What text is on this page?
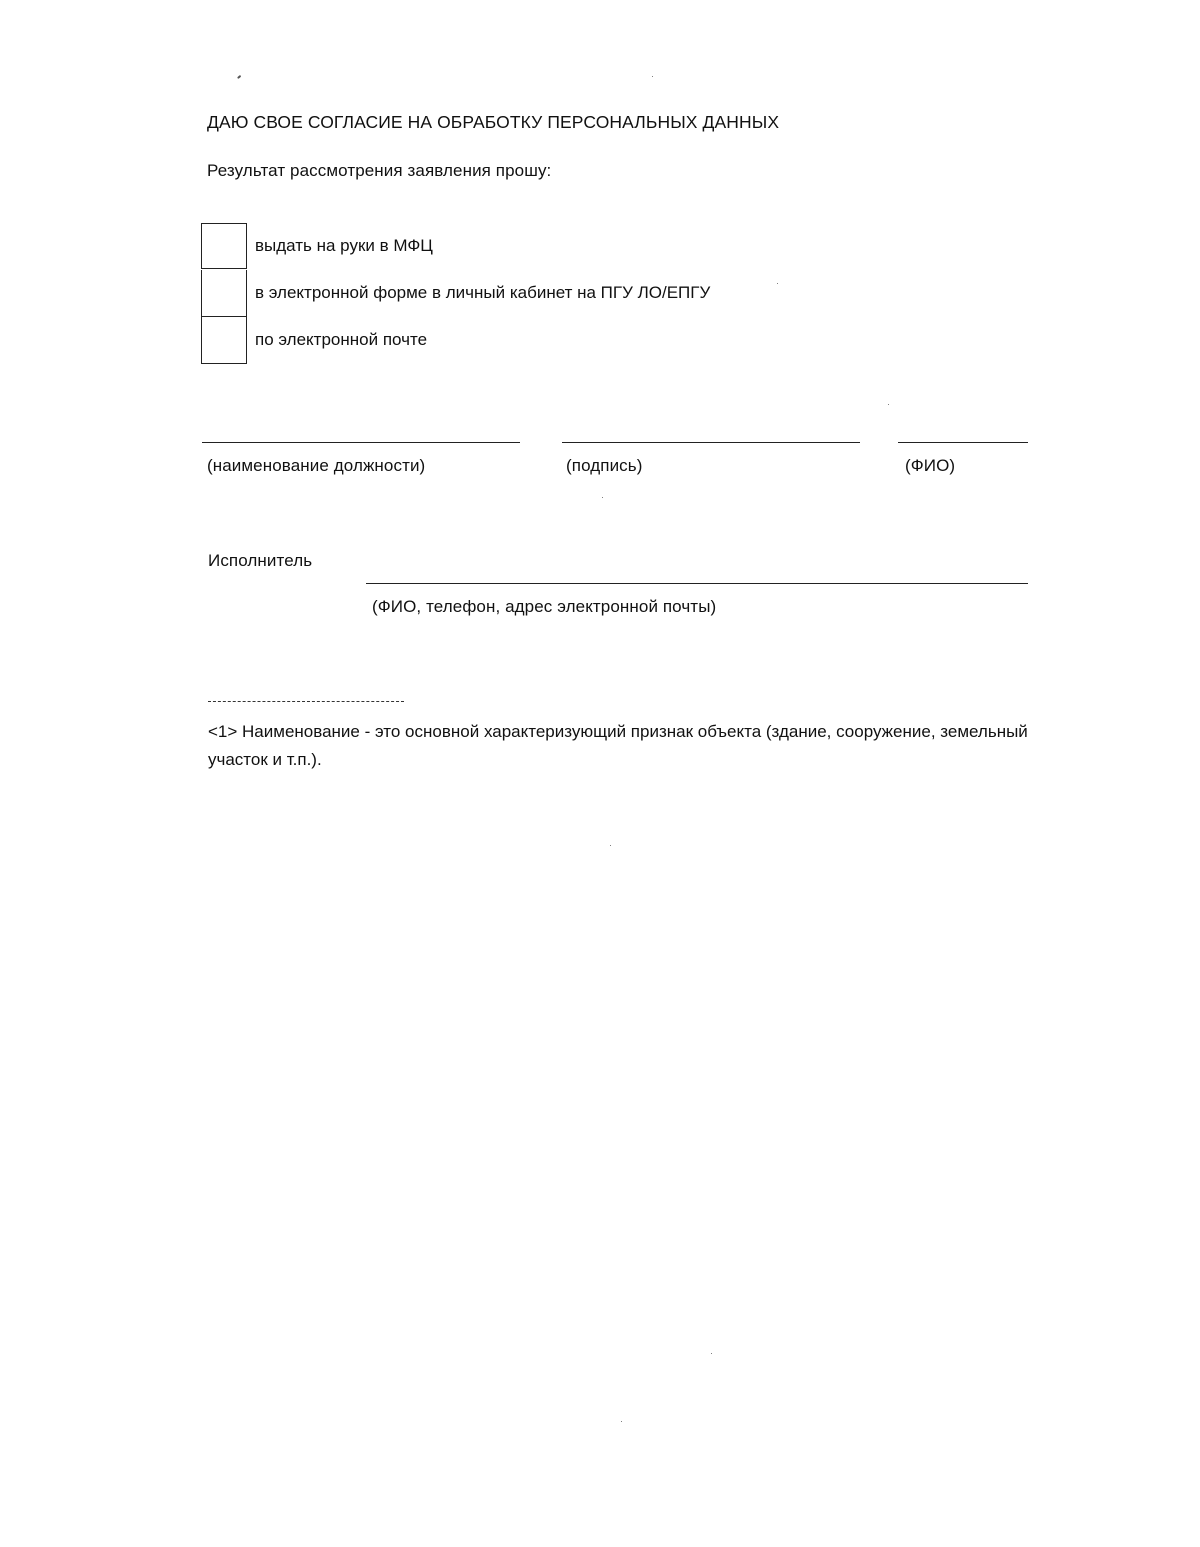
ДАЮ СВОЕ СОГЛАСИЕ НА ОБРАБОТКУ ПЕРСОНАЛЬНЫХ ДАННЫХ
Результат рассмотрения заявления прошу:
выдать на руки в МФЦ
в электронной форме в личный кабинет на ПГУ ЛО/ЕПГУ
по электронной почте
(наименование должности)	(подпись)	(ФИО)
Исполнитель
(ФИО, телефон, адрес электронной почты)
<1> Наименование - это основной характеризующий признак объекта (здание, сооружение, земельный участок и т.п.).
